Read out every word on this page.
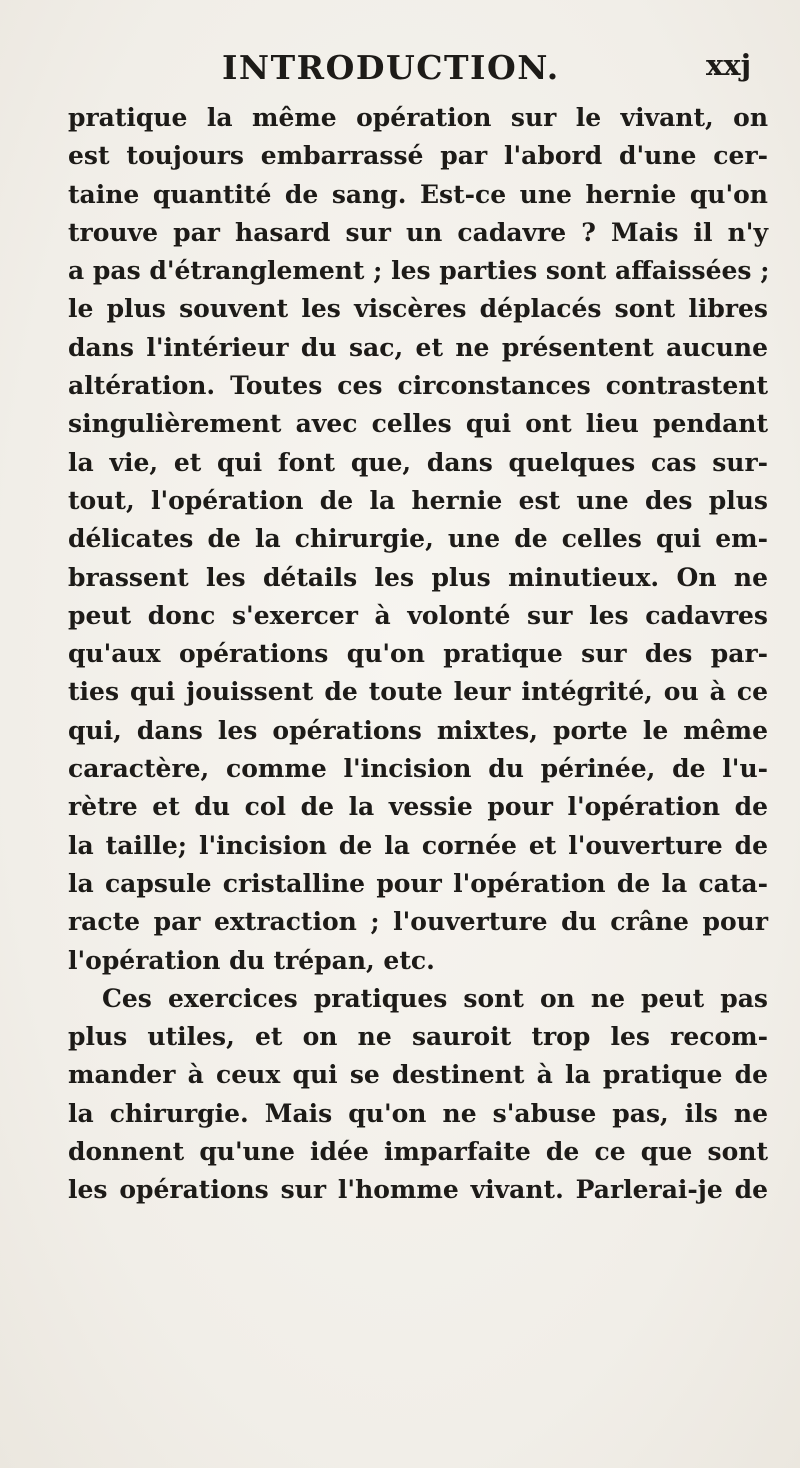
INTRODUCTION.	xxj
pratique la même opération sur le vivant, on
est toujours embarrassé par l'abord d'une cer-
taine quantité de sang. Est-ce une hernie qu'on
trouve par hasard sur un cadavre ? Mais il n'y
a pas d'étranglement ; les parties sont affaissées ;
le plus souvent les viscères déplacés sont libres
dans l'intérieur du sac, et ne présentent aucune
altération. Toutes ces circonstances contrastent
singulièrement avec celles qui ont lieu pendant
la vie, et qui font que, dans quelques cas sur-
tout, l'opération de la hernie est une des plus
délicates de la chirurgie, une de celles qui em-
brassent les détails les plus minutieux. On ne
peut donc s'exercer à volonté sur les cadavres
qu'aux opérations qu'on pratique sur des par-
ties qui jouissent de toute leur intégrité, ou à ce
qui, dans les opérations mixtes, porte le même
caractère, comme l'incision du périnée, de l'u-
rètre et du col de la vessie pour l'opération de
la taille; l'incision de la cornée et l'ouverture de
la capsule cristalline pour l'opération de la cata-
racte par extraction ; l'ouverture du crâne pour
l'opération du trépan, etc.
Ces exercices pratiques sont on ne peut pas
plus utiles, et on ne sauroit trop les recom-
mander à ceux qui se destinent à la pratique de
la chirurgie. Mais qu'on ne s'abuse pas, ils ne
donnent qu'une idée imparfaite de ce que sont
les opérations sur l'homme vivant. Parlerai-je de
